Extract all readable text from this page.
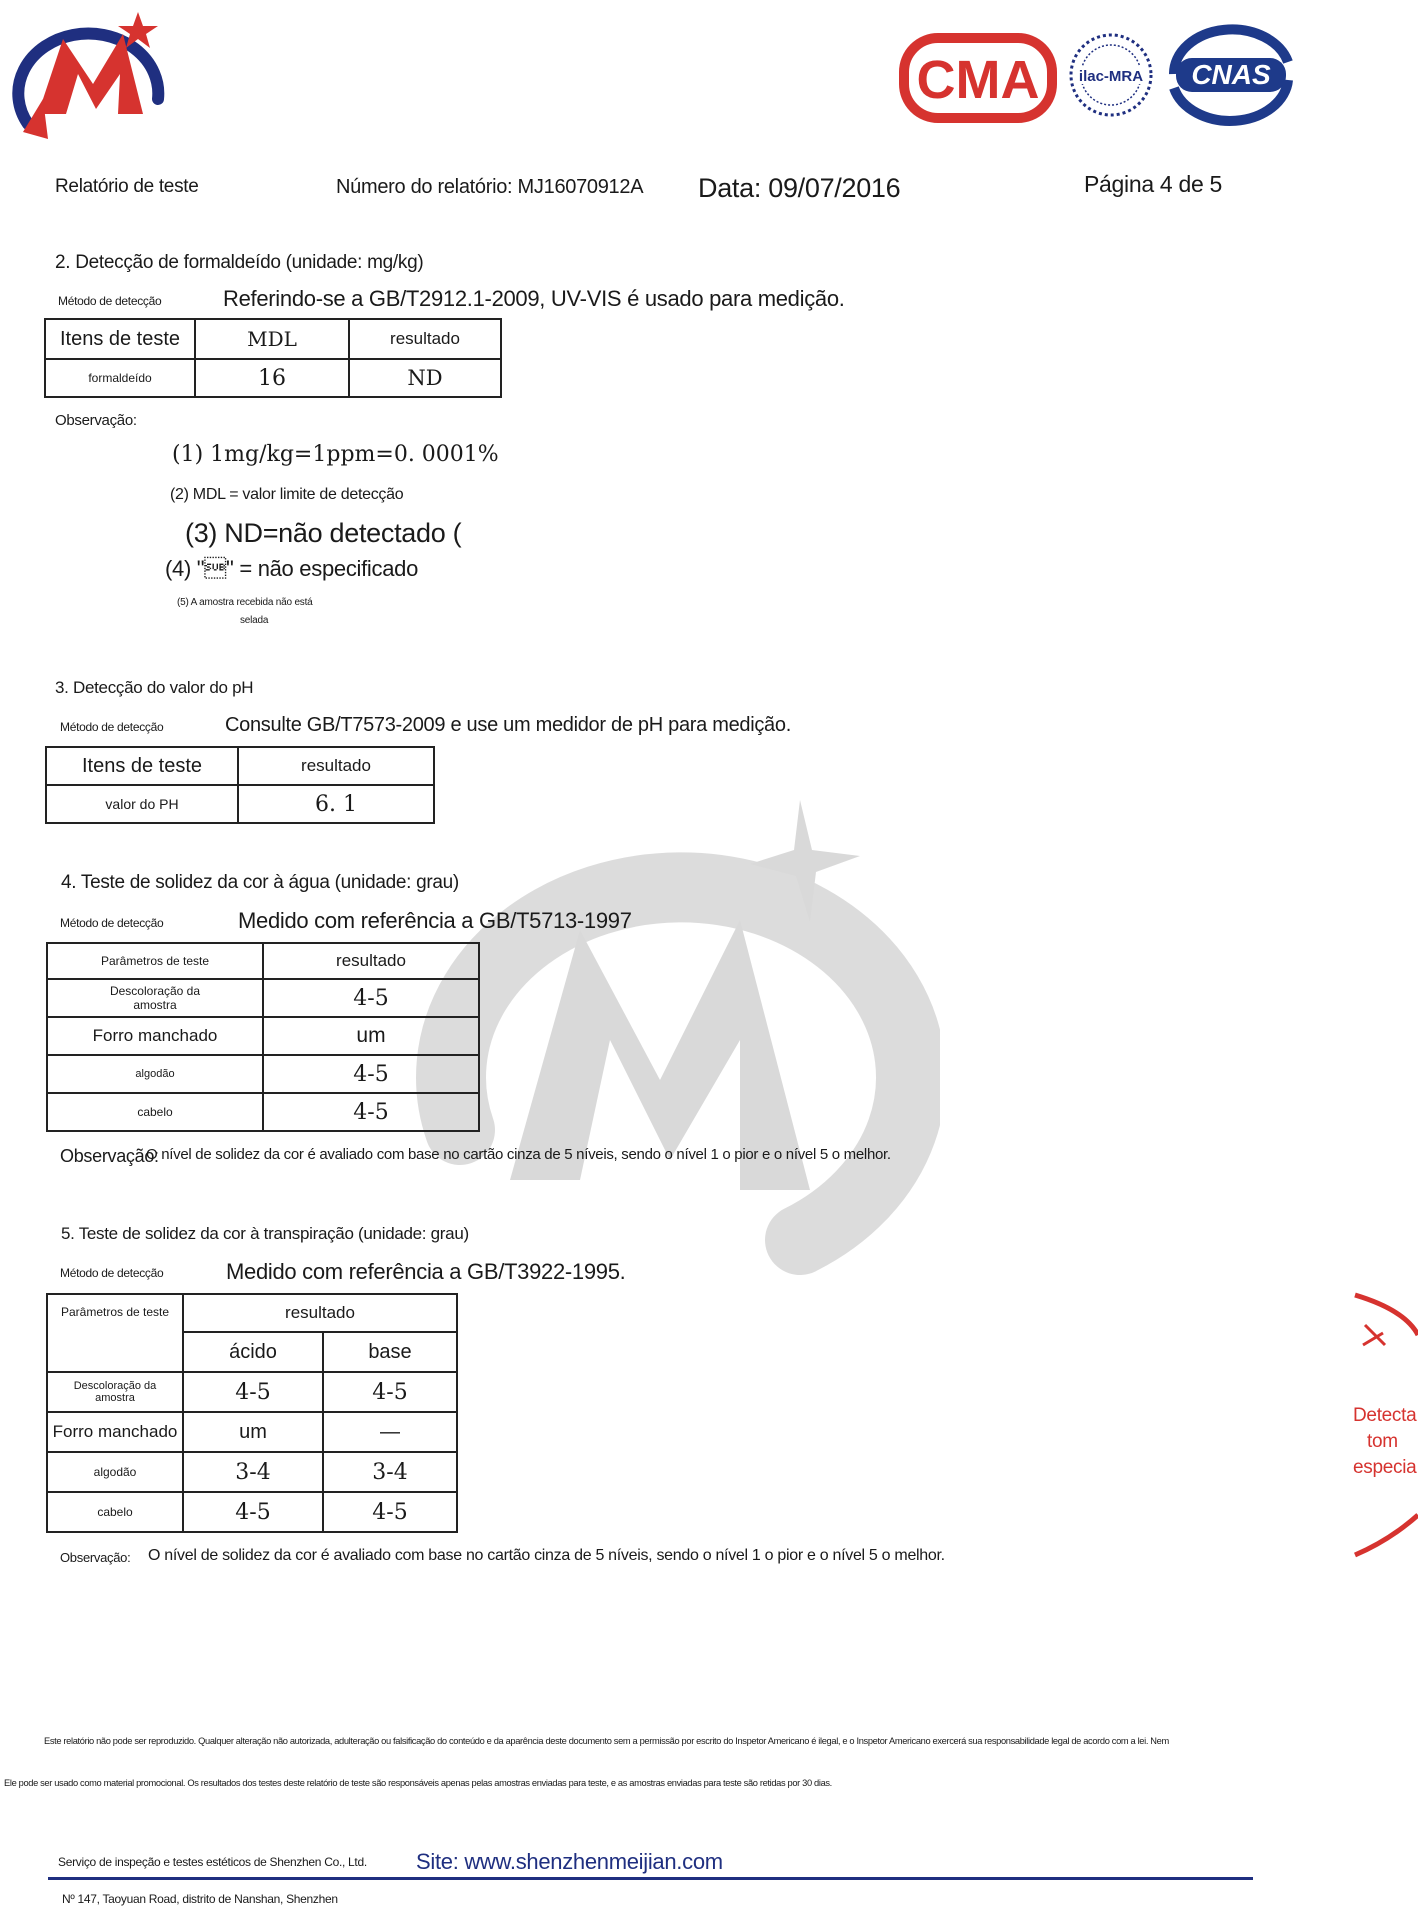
CMA	ilac-MRA CNAS
Relatório de teste	Número do relatório: MJ16070912A Data: 09/07/2016	Página 4 de 5
2. Detecção de formaldeído (unidade: mg/kg)
Método de detecção	Referindo-se a GB/T2912.1-2009, UV-VIS é usado para medição.
Itens de teste	MDL	resultado
formaldeído	16	ND
Observação:
(1) 1mg/kg=1ppm=0. 0001%
(2) MDL = valor limite de detecção
(3) ND=não detectado (
(4) "" = não especificado
(5) A amostra recebida não está
selada
3. Detecção do valor do pH
Método de detecção	Consulte GB/T7573-2009 e use um medidor de pH para medição.
Itens de teste	resultado
valor do PH	6. 1
4. Teste de solidez da cor à água (unidade: grau)
Método de detecção	Medido com referência a GB/T5713-1997
Parâmetros de teste	resultado
Descoloração da amostra	4-5
Forro manchado	um
algodão	4-5
cabelo	4-5
Observação:
O nível de solidez da cor é avaliado com base no cartão cinza de 5 níveis, sendo o nível 1 o pior e o nível 5 o melhor.
5. Teste de solidez da cor à transpiração (unidade: grau)
Método de detecção	Medido com referência a GB/T3922-1995.
Parâmetros de teste	resultado	
	ácido	base
Descoloração da amostra	4-5	4-5
Forro manchado	um	—
algodão	3-4	3-4
cabelo	4-5	4-5
Observação: O nível de solidez da cor é avaliado com base no cartão cinza de 5 níveis, sendo o nível 1 o pior e o nível 5 o melhor.
Detecta
tom
especia
Este relatório não pode ser reproduzido. Qualquer alteração não autorizada, adulteração ou falsificação do conteúdo e da aparência deste documento sem a permissão por escrito do Inspetor Americano é ilegal, e o Inspetor Americano exercerá sua responsabilidade legal de acordo com a lei. Nem
Ele pode ser usado como material promocional. Os resultados dos testes deste relatório de teste são responsáveis apenas pelas amostras enviadas para teste, e as amostras enviadas para teste são retidas por 30 dias.
Serviço de inspeção e testes estéticos de Shenzhen Co., Ltd. Site: www.shenzhenmeijian.com
Nº 147, Taoyuan Road, distrito de Nanshan, Shenzhen
